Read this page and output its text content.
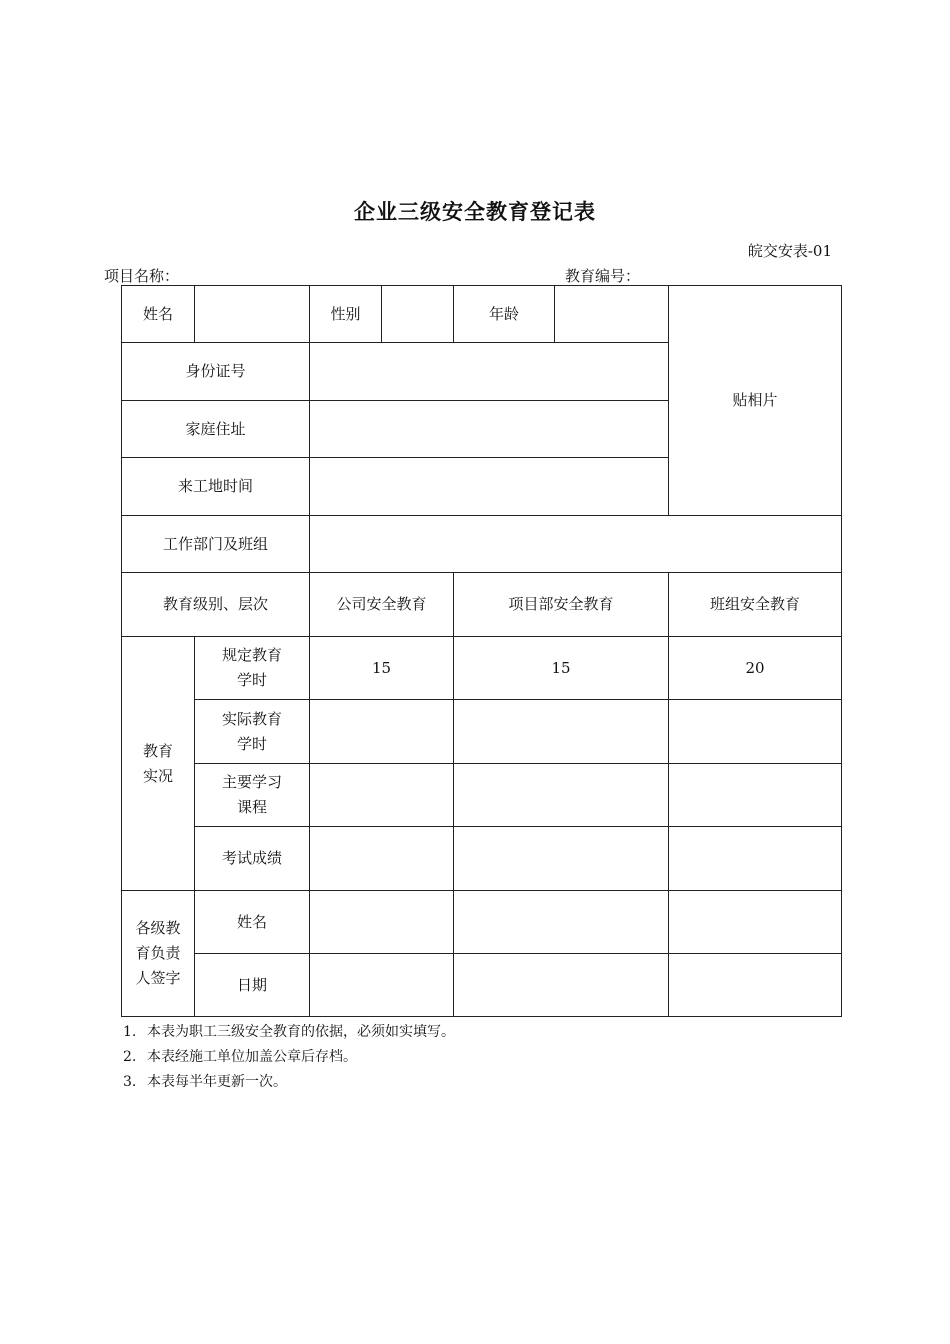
企业三级安全教育登记表
皖交安表-01
项目名称：	教育编号：
姓名		性别		年龄		贴相片
身份证号						
家庭住址						
来工地时间						
工作部门及班组						
教育级别、层次		公司安全教育		项目部安全教育		班组安全教育
教育实况	规定教育学时	15		15		20
	实际教育学时					
	主要学习课程					
	考试成绩					
各级教育负责人签字	姓名					
	日期					
1. 本表为职工三级安全教育的依据，必须如实填写。
2. 本表经施工单位加盖公章后存档。
3. 本表每半年更新一次。
